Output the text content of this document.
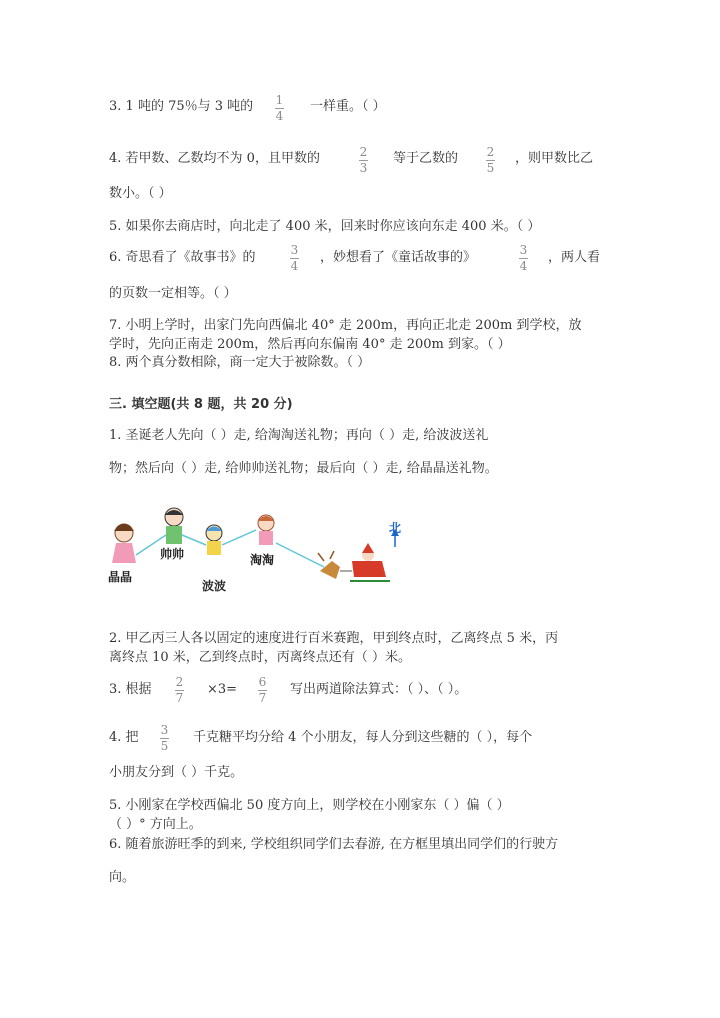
3. 1 吨的 75％与 3 吨的 1
4
一样重。（ ）
4. 若甲数、乙数均不为 0，且甲数的	2
3
等于乙数的 2
5
，则甲数比乙
数小。（ ）
5. 如果你去商店时，向北走了 400 米，回来时你应该向东走 400 米。（ ）
6. 奇思看了《故事书》的	3
4
，妙想看了《童话故事的》	3
4
，两人看
的页数一定相等。（ ）
7. 小明上学时，出家门先向西偏北 40° 走 200m，再向正北走 200m 到学校，放
学时，先向正南走 200m，然后再向东偏南 40° 走 200m 到家。（ ）
8. 两个真分数相除，商一定大于被除数。（ ）
三. 填空题(共 8 题，共 20 分)
1. 圣诞老人先向（ ）走, 给淘淘送礼物；再向（ ）走, 给波波送礼
物；然后向（ ）走, 给帅帅送礼物；最后向（ ）走, 给晶晶送礼物。
晶晶
帅帅
波波
淘淘
北
2. 甲乙丙三人各以固定的速度进行百米赛跑，甲到终点时，乙离终点 5 米，丙
离终点 10 米，乙到终点时，丙离终点还有（ ）米。
3. 根据 2
7
×3= 6
7
写出两道除法算式：（ ）、（ ）。
4. 把 3
5
千克糖平均分给 4 个小朋友，每人分到这些糖的（ ），每个
小朋友分到（ ）千克。
5. 小刚家在学校西偏北 50 度方向上，则学校在小刚家东（ ）偏（ ）
（ ）° 方向上。
6. 随着旅游旺季的到来, 学校组织同学们去春游, 在方框里填出同学们的行驶方
向。
